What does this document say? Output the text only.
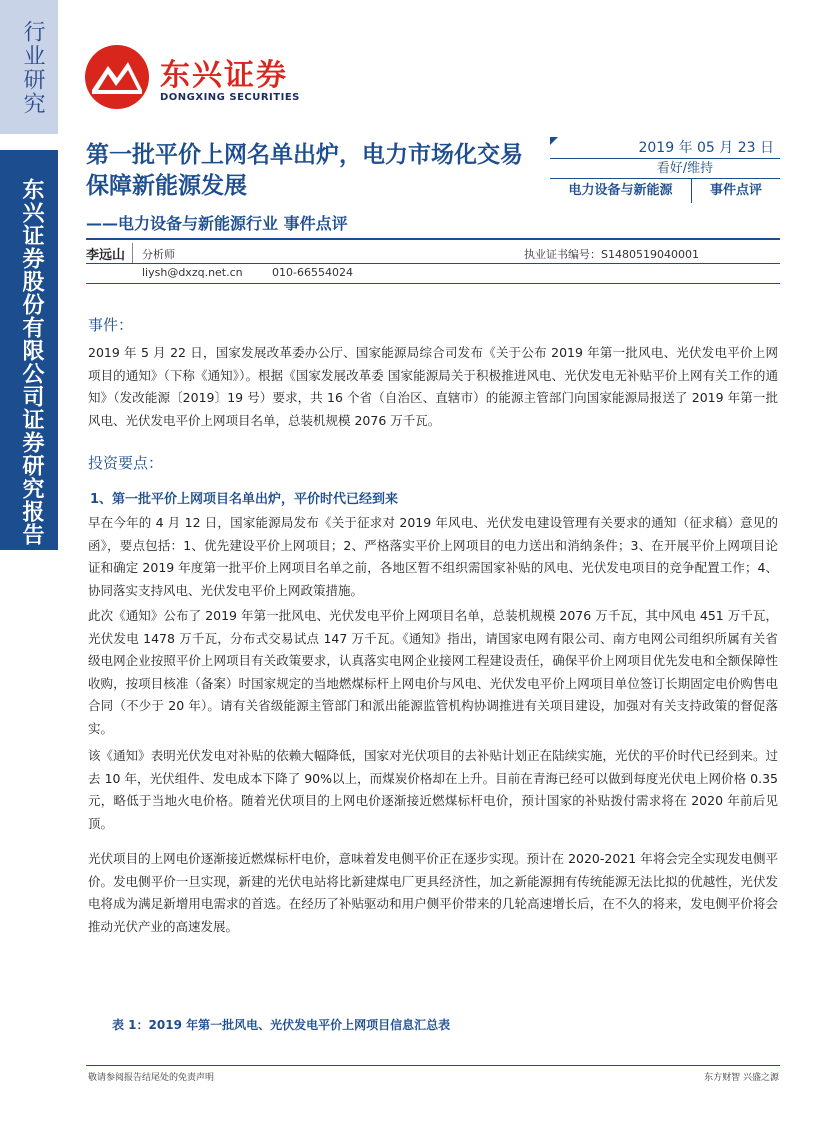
行业研究
东兴证券股份有限公司证券研究报告
东兴证券
DONGXING SECURITIES
第一批平价上网名单出炉，电力市场化交易保障新能源发展
——电力设备与新能源行业 事件点评
2019 年 05 月 23 日
看好/维持
电力设备与新能源	事件点评
李远山 分析师	执业证书编号：S1480519040001
liysh@dxzq.net.cn	010-66554024
事件：
2019 年 5 月 22 日，国家发展改革委办公厅、国家能源局综合司发布《关于公布 2019 年第一批风电、光伏发电平价上网项目的通知》（下称《通知》）。根据《国家发展改革委 国家能源局关于积极推进风电、光伏发电无补贴平价上网有关工作的通知》（发改能源〔2019〕19 号）要求，共 16 个省（自治区、直辖市）的能源主管部门向国家能源局报送了 2019 年第一批风电、光伏发电平价上网项目名单，总装机规模 2076 万千瓦。
投资要点：
1、第一批平价上网项目名单出炉，平价时代已经到来
早在今年的 4 月 12 日，国家能源局发布《关于征求对 2019 年风电、光伏发电建设管理有关要求的通知（征求稿）意见的函》，要点包括：1、优先建设平价上网项目；2、严格落实平价上网项目的电力送出和消纳条件；3、在开展平价上网项目论证和确定 2019 年度第一批平价上网项目名单之前，各地区暂不组织需国家补贴的风电、光伏发电项目的竞争配置工作；4、协同落实支持风电、光伏发电平价上网政策措施。
此次《通知》公布了 2019 年第一批风电、光伏发电平价上网项目名单，总装机规模 2076 万千瓦，其中风电 451 万千瓦，光伏发电 1478 万千瓦，分布式交易试点 147 万千瓦。《通知》指出，请国家电网有限公司、南方电网公司组织所属有关省级电网企业按照平价上网项目有关政策要求，认真落实电网企业接网工程建设责任，确保平价上网项目优先发电和全额保障性收购，按项目核准（备案）时国家规定的当地燃煤标杆上网电价与风电、光伏发电平价上网项目单位签订长期固定电价购售电合同（不少于 20 年）。请有关省级能源主管部门和派出能源监管机构协调推进有关项目建设，加强对有关支持政策的督促落实。
该《通知》表明光伏发电对补贴的依赖大幅降低，国家对光伏项目的去补贴计划正在陆续实施，光伏的平价时代已经到来。过去 10 年，光伏组件、发电成本下降了 90%以上，而煤炭价格却在上升。目前在青海已经可以做到每度光伏电上网价格 0.35 元，略低于当地火电价格。随着光伏项目的上网电价逐渐接近燃煤标杆电价，预计国家的补贴拨付需求将在 2020 年前后见顶。
光伏项目的上网电价逐渐接近燃煤标杆电价，意味着发电侧平价正在逐步实现。预计在 2020-2021 年将会完全实现发电侧平价。发电侧平价一旦实现，新建的光伏电站将比新建煤电厂更具经济性，加之新能源拥有传统能源无法比拟的优越性，光伏发电将成为满足新增用电需求的首选。在经历了补贴驱动和用户侧平价带来的几轮高速增长后，在不久的将来，发电侧平价将会推动光伏产业的高速发展。
表 1：2019 年第一批风电、光伏发电平价上网项目信息汇总表
敬请参阅报告结尾处的免责声明	东方财智 兴盛之源
